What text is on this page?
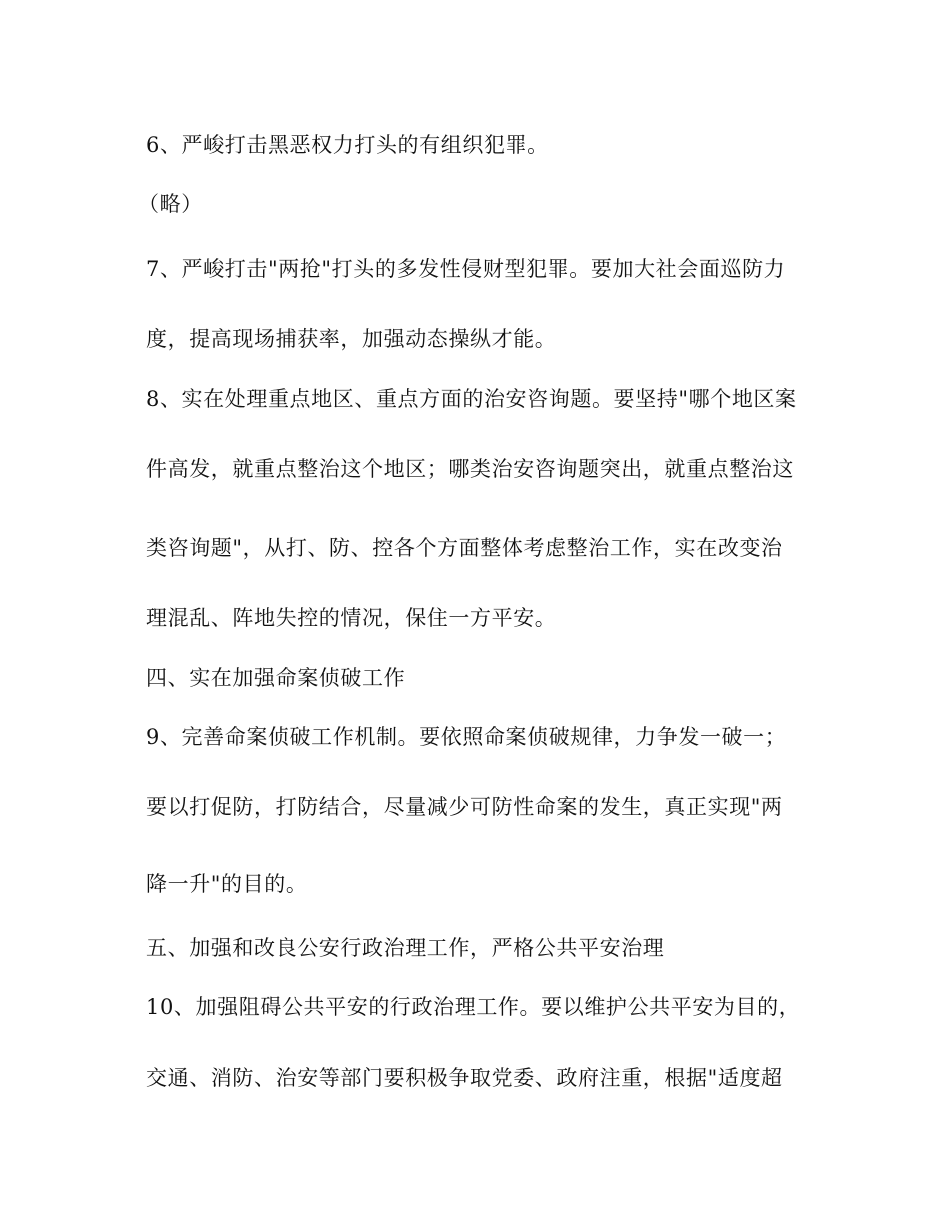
6、严峻打击黑恶权力打头的有组织犯罪。
（略）
7、严峻打击"两抢"打头的多发性侵财型犯罪。要加大社会面巡防力
度，提高现场捕获率，加强动态操纵才能。
8、实在处理重点地区、重点方面的治安咨询题。要坚持"哪个地区案
件高发，就重点整治这个地区；哪类治安咨询题突出，就重点整治这
类咨询题"，从打、防、控各个方面整体考虑整治工作，实在改变治
理混乱、阵地失控的情况，保住一方平安。
四、实在加强命案侦破工作
9、完善命案侦破工作机制。要依照命案侦破规律，力争发一破一；
要以打促防，打防结合，尽量减少可防性命案的发生，真正实现"两
降一升"的目的。
五、加强和改良公安行政治理工作，严格公共平安治理
10、加强阻碍公共平安的行政治理工作。要以维护公共平安为目的，
交通、消防、治安等部门要积极争取党委、政府注重，根据"适度超
